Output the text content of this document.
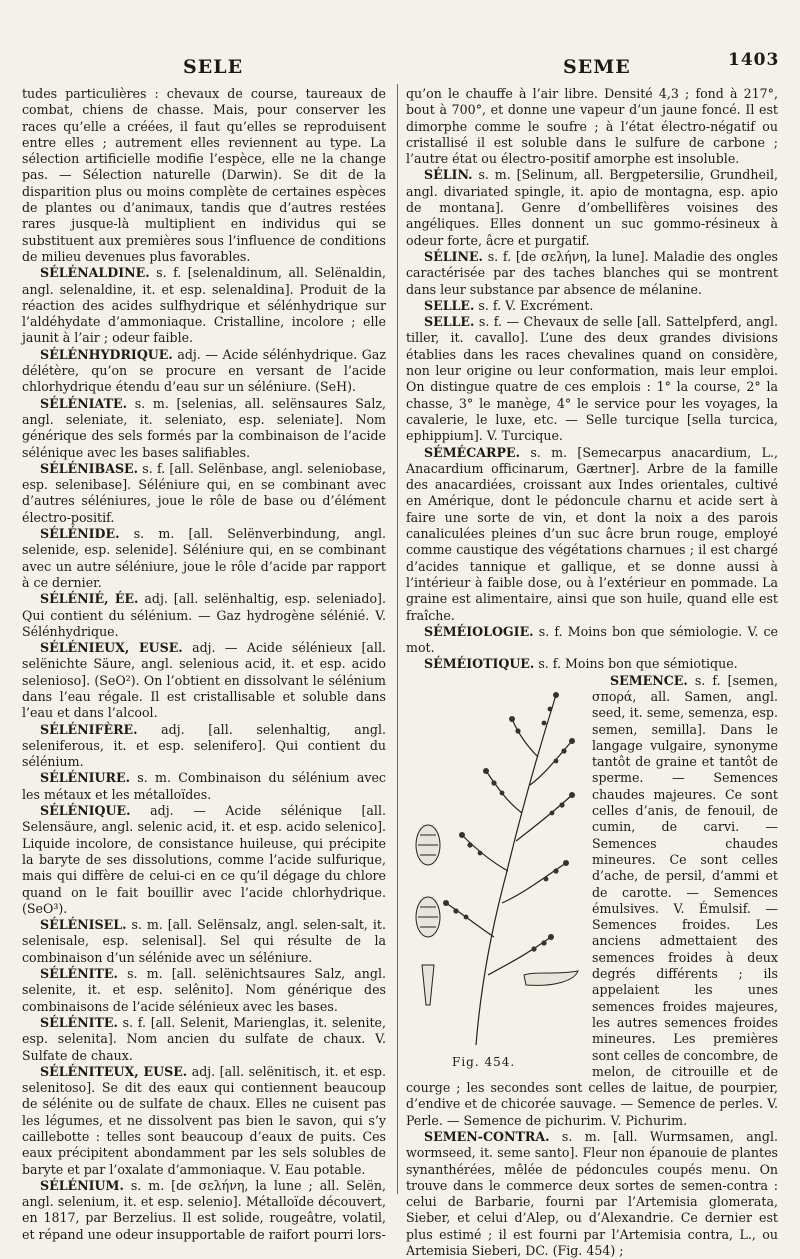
SELE	SEME	1403

tudes particulières : chevaux de course, taureaux de combat, chiens de chasse. Mais, pour conserver les races qu’elle a créées, il faut qu’elles se reproduisent entre elles ; autrement elles reviennent au type. La sélection artificielle modifie l’espèce, elle ne la change pas. — Sélection naturelle (Darwin). Se dit de la disparition plus ou moins complète de certaines espèces de plantes ou d’animaux, tandis que d’autres restées rares jusque-là multiplient en individus qui se substituent aux premières sous l’influence de conditions de milieu devenues plus favorables.

SÉLÉNALDINE. s. f. [selenaldinum, all. Selënaldin, angl. selenaldine, it. et esp. selenaldina]. Produit de la réaction des acides sulfhydrique et sélénhydrique sur l’aldéhydate d’ammoniaque. Cristalline, incolore ; elle jaunit à l’air ; odeur faible.

SÉLÉNHYDRIQUE. adj. — Acide sélénhydrique. Gaz délétère, qu’on se procure en versant de l’acide chlorhydrique étendu d’eau sur un séléniure. (SeH).

SÉLÉNIATE. s. m. [selenias, all. selënsaures Salz, angl. seleniate, it. seleniato, esp. seleniate]. Nom générique des sels formés par la combinaison de l’acide sélénique avec les bases salifiables.

SÉLÉNIBASE. s. f. [all. Selënbase, angl. seleniobase, esp. selenibase]. Séléniure qui, en se combinant avec d’autres séléniures, joue le rôle de base ou d’élément électro-positif.

SÉLÉNIDE. s. m. [all. Selënverbindung, angl. selenide, esp. selenide]. Séléniure qui, en se combinant avec un autre séléniure, joue le rôle d’acide par rapport à ce dernier.

SÉLÉNIÉ, ÉE. adj. [all. selënhaltig, esp. seleniado]. Qui contient du sélénium. — Gaz hydrogène sélénié. V. Sélénhydrique.

SÉLÉNIEUX, EUSE. adj. — Acide sélénieux [all. selënichte Säure, angl. selenious acid, it. et esp. acido selenioso]. (SeO²). On l’obtient en dissolvant le sélénium dans l’eau régale. Il est cristallisable et soluble dans l’eau et dans l’alcool.

SÉLÉNIFÈRE. adj. [all. selenhaltig, angl. seleniferous, it. et esp. selenifero]. Qui contient du sélénium.

SÉLÉNIURE. s. m. Combinaison du sélénium avec les métaux et les métalloïdes.

SÉLÉNIQUE. adj. — Acide sélénique [all. Selensäure, angl. selenic acid, it. et esp. acido selenico]. Liquide incolore, de consistance huileuse, qui précipite la baryte de ses dissolutions, comme l’acide sulfurique, mais qui diffère de celui-ci en ce qu’il dégage du chlore quand on le fait bouillir avec l’acide chlorhydrique. (SeO³).

SÉLÉNISEL. s. m. [all. Selënsalz, angl. selen-salt, it. selenisale, esp. selenisal]. Sel qui résulte de la combinaison d’un sélénide avec un séléniure.

SÉLÉNITE. s. m. [all. selënichtsaures Salz, angl. selenite, it. et esp. selênito]. Nom générique des combinaisons de l’acide sélénieux avec les bases.

SÉLÉNITE. s. f. [all. Selenit, Marienglas, it. selenite, esp. selenita]. Nom ancien du sulfate de chaux. V. Sulfate de chaux.

SÉLÉNITEUX, EUSE. adj. [all. selënitisch, it. et esp. selenitoso]. Se dit des eaux qui contiennent beaucoup de sélénite ou de sulfate de chaux. Elles ne cuisent pas les légumes, et ne dissolvent pas bien le savon, qui s’y caillebotte : telles sont beaucoup d’eaux de puits. Ces eaux précipitent abondamment par les sels solubles de baryte et par l’oxalate d’ammoniaque. V. Eau potable.

SÉLÉNIUM. s. m. [de σελήνη, la lune ; all. Selën, angl. selenium, it. et esp. selenio]. Métalloïde découvert, en 1817, par Berzelius. Il est solide, rougeâtre, volatil, et répand une odeur insupportable de raifort pourri lors-

qu’on le chauffe à l’air libre. Densité 4,3 ; fond à 217°, bout à 700°, et donne une vapeur d’un jaune foncé. Il est dimorphe comme le soufre ; à l’état électro-négatif ou cristallisé il est soluble dans le sulfure de carbone ; l’autre état ou électro-positif amorphe est insoluble.

SÉLIN. s. m. [Selinum, all. Bergpetersilie, Grundheil, angl. divariated spingle, it. apio de montagna, esp. apio de montana]. Genre d’ombellifères voisines des angéliques. Elles donnent un suc gommo-résineux à odeur forte, âcre et purgatif.

SÉLINE. s. f. [de σελήνη, la lune]. Maladie des ongles caractérisée par des taches blanches qui se montrent dans leur substance par absence de mélanine.

SELLE. s. f. V. Excrément.

SELLE. s. f. — Chevaux de selle [all. Sattelpferd, angl. tiller, it. cavallo]. L’une des deux grandes divisions établies dans les races chevalines quand on considère, non leur origine ou leur conformation, mais leur emploi. On distingue quatre de ces emplois : 1° la course, 2° la chasse, 3° le manège, 4° le service pour les voyages, la cavalerie, le luxe, etc. — Selle turcique [sella turcica, ephippium]. V. Turcique.

SÉMÉCARPE. s. m. [Semecarpus anacardium, L., Anacardium officinarum, Gærtner]. Arbre de la famille des anacardiées, croissant aux Indes orientales, cultivé en Amérique, dont le pédoncule charnu et acide sert à faire une sorte de vin, et dont la noix a des parois canaliculées pleines d’un suc âcre brun rouge, employé comme caustique des végétations charnues ; il est chargé d’acides tannique et gallique, et se donne aussi à l’intérieur à faible dose, ou à l’extérieur en pommade. La graine est alimentaire, ainsi que son huile, quand elle est fraîche.

SÉMÉIOLOGIE. s. f. Moins bon que sémiologie. V. ce mot.

SÉMÉIOTIQUE. s. f. Moins bon que sémiotique.

Fig. 454.

SEMENCE. s. f. [semen, σπορά, all. Samen, angl. seed, it. seme, semenza, esp. semen, semilla]. Dans le langage vulgaire, synonyme tantôt de graine et tantôt de sperme. — Semences chaudes majeures. Ce sont celles d’anis, de fenouil, de cumin, de carvi. — Semences chaudes mineures. Ce sont celles d’ache, de persil, d’ammi et de carotte. — Semences émulsives. V. Émulsif. — Semences froides. Les anciens admettaient des semences froides à deux degrés différents ; ils appelaient les unes semences froides majeures, les autres semences froides mineures. Les premières sont celles de concombre, de melon, de citrouille et de courge ; les secondes sont celles de laitue, de pourpier, d’endive et de chicorée sauvage. — Semence de perles. V. Perle. — Semence de pichurim. V. Pichurim.

SEMEN-CONTRA. s. m. [all. Wurmsamen, angl. wormseed, it. seme santo]. Fleur non épanouie de plantes synanthérées, mêlée de pédoncules coupés menu. On trouve dans le commerce deux sortes de semen-contra : celui de Barbarie, fourni par l’Artemisia glomerata, Sieber, et celui d’Alep, ou d’Alexandrie. Ce dernier est plus estimé ; il est fourni par l’Artemisia contra, L., ou Artemisia Sieberi, DC. (Fig. 454) ;
